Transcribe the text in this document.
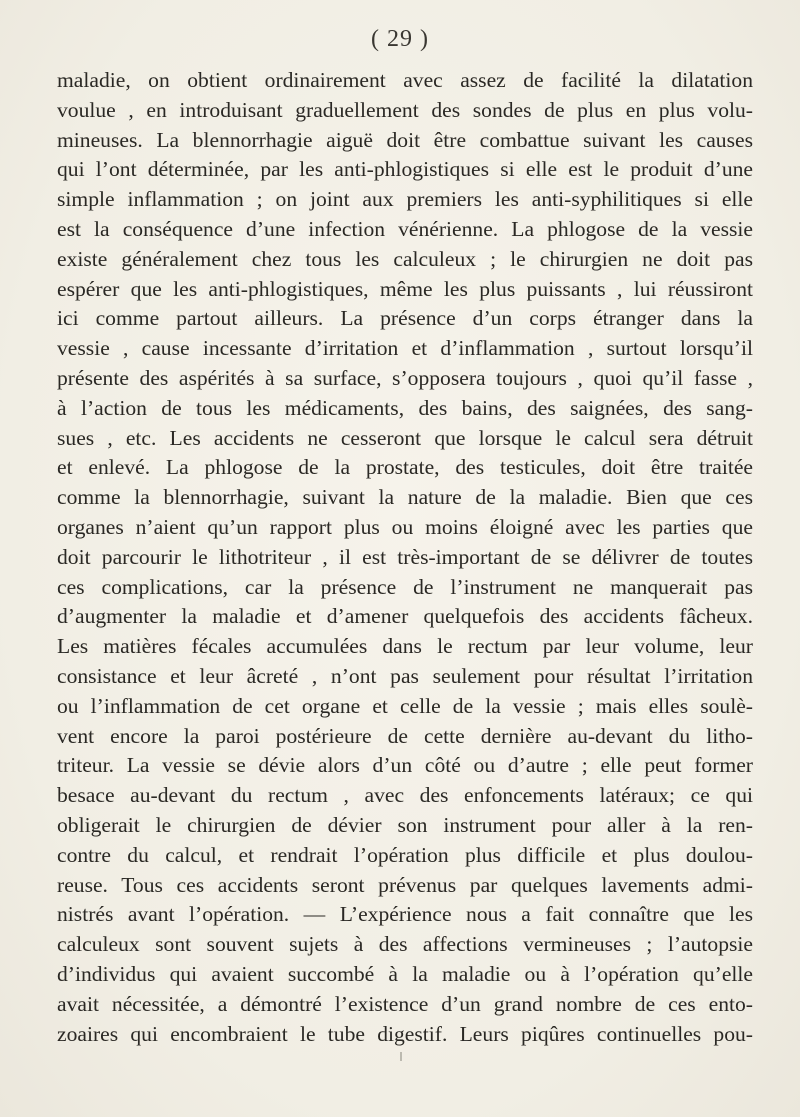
( 29 )
maladie, on obtient ordinairement avec assez de facilité la dilatation
voulue , en introduisant graduellement des sondes de plus en plus volu-
mineuses. La blennorrhagie aiguë doit être combattue suivant les causes
qui l’ont déterminée, par les anti-phlogistiques si elle est le produit d’une
simple inflammation ; on joint aux premiers les anti-syphilitiques si elle
est la conséquence d’une infection vénérienne. La phlogose de la vessie
existe généralement chez tous les calculeux ; le chirurgien ne doit pas
espérer que les anti-phlogistiques, même les plus puissants , lui réussiront
ici comme partout ailleurs. La présence d’un corps étranger dans la
vessie , cause incessante d’irritation et d’inflammation , surtout lorsqu’il
présente des aspérités à sa surface, s’opposera toujours , quoi qu’il fasse ,
à l’action de tous les médicaments, des bains, des saignées, des sang-
sues , etc. Les accidents ne cesseront que lorsque le calcul sera détruit
et enlevé. La phlogose de la prostate, des testicules, doit être traitée
comme la blennorrhagie, suivant la nature de la maladie. Bien que ces
organes n’aient qu’un rapport plus ou moins éloigné avec les parties que
doit parcourir le lithotriteur , il est très-important de se délivrer de toutes
ces complications, car la présence de l’instrument ne manquerait pas
d’augmenter la maladie et d’amener quelquefois des accidents fâcheux.
Les matières fécales accumulées dans le rectum par leur volume, leur
consistance et leur âcreté , n’ont pas seulement pour résultat l’irritation
ou l’inflammation de cet organe et celle de la vessie ; mais elles soulè-
vent encore la paroi postérieure de cette dernière au-devant du litho-
triteur. La vessie se dévie alors d’un côté ou d’autre ; elle peut former
besace au-devant du rectum , avec des enfoncements latéraux; ce qui
obligerait le chirurgien de dévier son instrument pour aller à la ren-
contre du calcul, et rendrait l’opération plus difficile et plus doulou-
reuse. Tous ces accidents seront prévenus par quelques lavements admi-
nistrés avant l’opération. — L’expérience nous a fait connaître que les
calculeux sont souvent sujets à des affections vermineuses ; l’autopsie
d’individus qui avaient succombé à la maladie ou à l’opération qu’elle
avait nécessitée, a démontré l’existence d’un grand nombre de ces ento-
zoaires qui encombraient le tube digestif. Leurs piqûres continuelles pou-
